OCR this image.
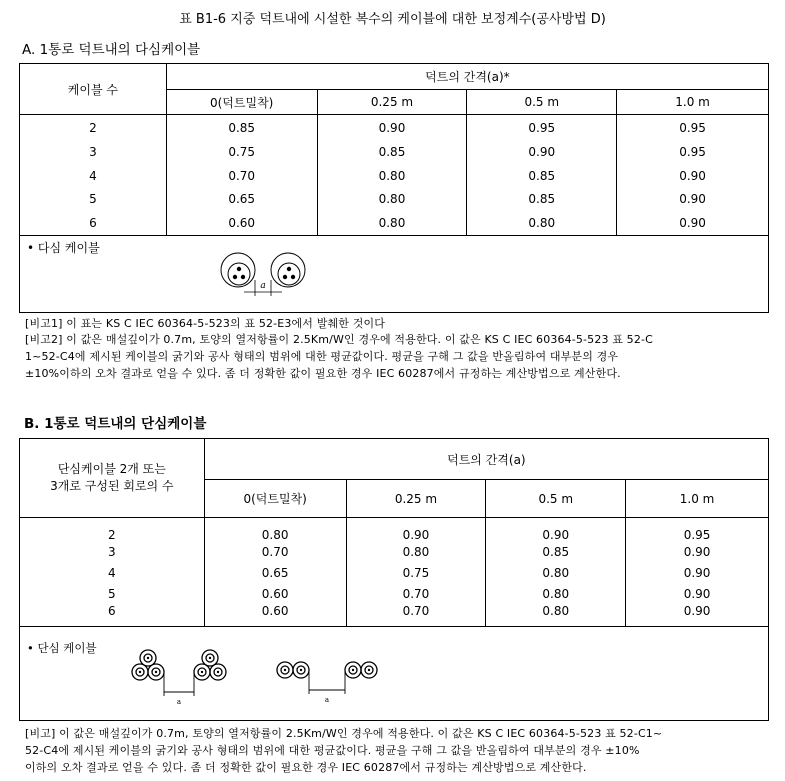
표 B1-6 지중 덕트내에 시설한 복수의 케이블에 대한 보정계수(공사방법 D)
A. 1통로 덕트내의 다심케이블
케이블 수	덕트의 간격(a)*			
	0(덕트밀착)	0.25 m	0.5 m	1.0 m
2	0.85	0.90	0.95	0.95
3	0.75	0.85	0.90	0.95
4	0.70	0.80	0.85	0.90
5	0.65	0.80	0.85	0.90
6	0.60	0.80	0.80	0.90
• 다심 케이블
a
[비고1] 이 표는 KS C IEC 60364-5-523의 표 52-E3에서 발췌한 것이다
[비고2] 이 값은 매설깊이가 0.7m, 토양의 열저항률이 2.5Km/W인 경우에 적용한다. 이 값은 KS C IEC 60364-5-523 표 52-C
1~52-C4에 제시된 케이블의 굵기와 공사 형태의 범위에 대한 평균값이다. 평균을 구해 그 값을 반올림하여 대부분의 경우
±10%이하의 오차 결과로 얻을 수 있다. 좀 더 정확한 값이 필요한 경우 IEC 60287에서 규정하는 계산방법으로 계산한다.
B. 1통로 덕트내의 단심케이블
단심케이블 2개 또는
3개로 구성된 회로의 수	덕트의 간격(a)			
	0(덕트밀착)	0.25 m	0.5 m	1.0 m
2	0.80	0.90	0.90	0.95
3	0.70	0.80	0.85	0.90
4	0.65	0.75	0.80	0.90
5	0.60	0.70	0.80	0.90
6	0.60	0.70	0.80	0.90
• 단심 케이블
a	a
[비고] 이 값은 매설깊이가 0.7m, 토양의 열저항률이 2.5Km/W인 경우에 적용한다. 이 값은 KS C IEC 60364-5-523 표 52-C1~
52-C4에 제시된 케이블의 굵기와 공사 형태의 범위에 대한 평균값이다. 평균을 구해 그 값을 반올림하여 대부분의 경우 ±10%
이하의 오차 결과로 얻을 수 있다. 좀 더 정확한 값이 필요한 경우 IEC 60287에서 규정하는 계산방법으로 계산한다.
